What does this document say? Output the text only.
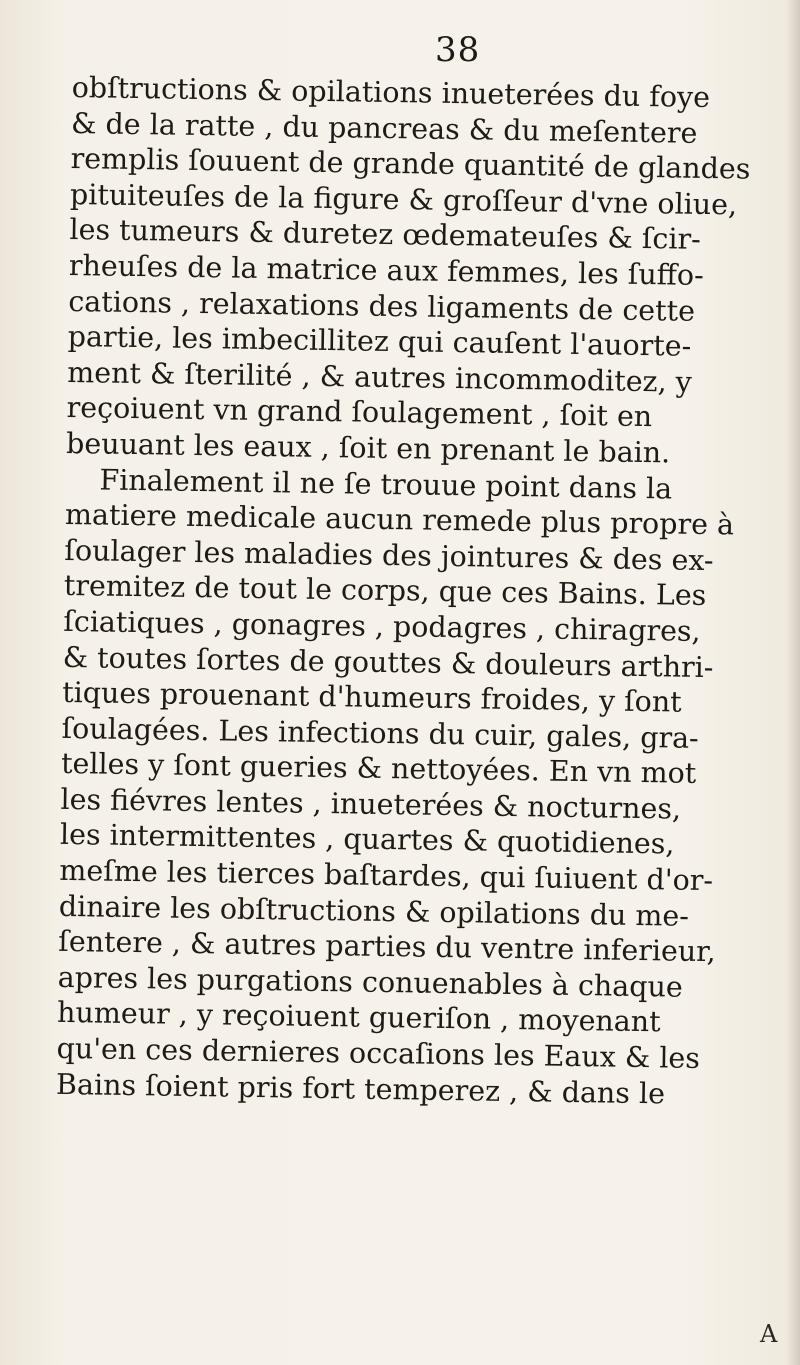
38
obſtructions & opilations inueterées du foye
& de la ratte , du pancreas & du meſentere
remplis ſouuent de grande quantité de glandes
pituiteuſes de la figure & groſſeur d'vne oliue,
les tumeurs & duretez œdemateuſes & ſcir-
rheuſes de la matrice aux femmes, les ſuffo-
cations , relaxations des ligaments de cette
partie, les imbecillitez qui cauſent l'auorte-
ment & ſterilité , & autres incommoditez, y
reçoiuent vn grand ſoulagement , ſoit en
beuuant les eaux , ſoit en prenant le bain.
Finalement il ne ſe trouue point dans la
matiere medicale aucun remede plus propre à
ſoulager les maladies des jointures & des ex-
tremitez de tout le corps, que ces Bains. Les
ſciatiques , gonagres , podagres , chiragres,
& toutes ſortes de gouttes & douleurs arthri-
tiques prouenant d'humeurs froides, y ſont
ſoulagées. Les infections du cuir, gales, gra-
telles y ſont gueries & nettoyées. En vn mot
les fiévres lentes , inueterées & nocturnes,
les intermittentes , quartes & quotidienes,
meſme les tierces baſtardes, qui ſuiuent d'or-
dinaire les obſtructions & opilations du me-
ſentere , & autres parties du ventre inferieur,
apres les purgations conuenables à chaque
humeur , y reçoiuent gueriſon , moyenant
qu'en ces dernieres occaſions les Eaux & les
Bains ſoient pris fort temperez , & dans le
A
